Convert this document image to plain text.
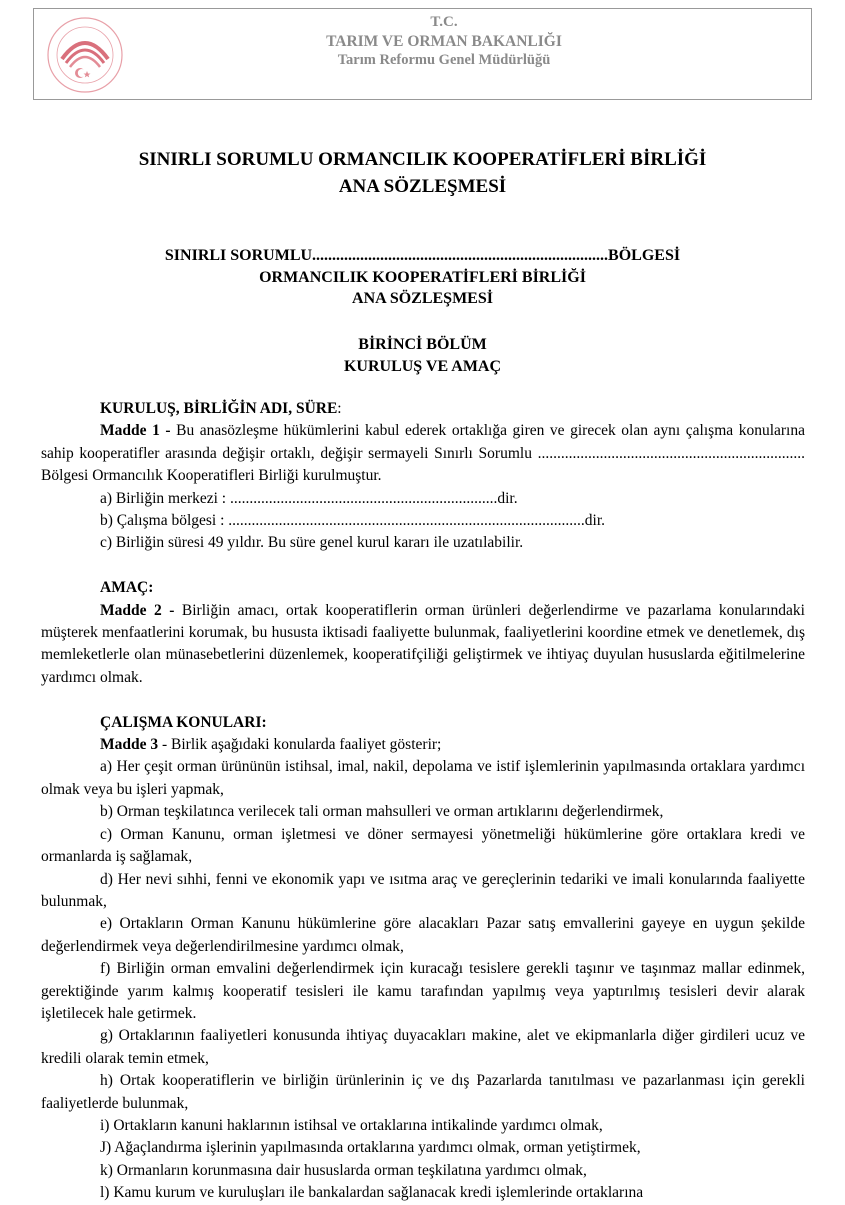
T.C.
TARIM VE ORMAN BAKANLIĞI
Tarım Reformu Genel Müdürlüğü
SINIRLI SORUMLU ORMANCILIK KOOPERATİFLERİ BİRLİĞİ
ANA SÖZLEŞMESİ
SINIRLI SORUMLU..........................................................................BÖLGESİ
ORMANCILIK KOOPERATİFLERİ BİRLİĞİ
ANA SÖZLEŞMESİ
BİRİNCİ BÖLÜM
KURULUŞ VE AMAÇ
KURULUŞ, BİRLİĞİN ADI, SÜRE:

Madde 1 - Bu anasözleşme hükümlerini kabul ederek ortaklığa giren ve girecek olan aynı çalışma konularına sahip kooperatifler arasında değişir ortaklı, değişir sermayeli Sınırlı Sorumlu ..................................................................... Bölgesi Ormancılık Kooperatifleri Birliği kurulmuştur.

a) Birliğin merkezi : .....................................................................dir.
b) Çalışma bölgesi : ............................................................................................dir.
c) Birliğin süresi 49 yıldır. Bu süre genel kurul kararı ile uzatılabilir.
AMAÇ:

Madde 2 - Birliğin amacı, ortak kooperatiflerin orman ürünleri değerlendirme ve pazarlama konularındaki müşterek menfaatlerini korumak, bu hususta iktisadi faaliyette bulunmak, faaliyetlerini koordine etmek ve denetlemek, dış memleketlerle olan münasebetlerini düzenlemek, kooperatifçiliği geliştirmek ve ihtiyaç duyulan hususlarda eğitilmelerine yardımcı olmak.

ÇALIŞMA KONULARI:

Madde 3 - Birlik aşağıdaki konularda faaliyet gösterir;

a) Her çeşit orman ürününün istihsal, imal, nakil, depolama ve istif işlemlerinin yapılmasında ortaklara yardımcı olmak veya bu işleri yapmak,

b) Orman teşkilatınca verilecek tali orman mahsulleri ve orman artıklarını değerlendirmek,

c) Orman Kanunu, orman işletmesi ve döner sermayesi yönetmeliği hükümlerine göre ortaklara kredi ve ormanlarda iş sağlamak,

d) Her nevi sıhhi, fenni ve ekonomik yapı ve ısıtma araç ve gereçlerinin tedariki ve imali konularında faaliyette bulunmak,

e) Ortakların Orman Kanunu hükümlerine göre alacakları Pazar satış emvallerini gayeye en uygun şekilde değerlendirmek veya değerlendirilmesine yardımcı olmak,

f) Birliğin orman emvalini değerlendirmek için kuracağı tesislere gerekli taşınır ve taşınmaz mallar edinmek, gerektiğinde yarım kalmış kooperatif tesisleri ile kamu tarafından yapılmış veya yaptırılmış tesisleri devir alarak işletilecek hale getirmek.

g) Ortaklarının faaliyetleri konusunda ihtiyaç duyacakları makine, alet ve ekipmanlarla diğer girdileri ucuz ve kredili olarak temin etmek,

h) Ortak kooperatiflerin ve birliğin ürünlerinin iç ve dış Pazarlarda tanıtılması ve pazarlanması için gerekli faaliyetlerde bulunmak,

i) Ortakların kanuni haklarının istihsal ve ortaklarına intikalinde yardımcı olmak,

J) Ağaçlandırma işlerinin yapılmasında ortaklarına yardımcı olmak, orman yetiştirmek,

k) Ormanların korunmasına dair hususlarda orman teşkilatına yardımcı olmak,

l) Kamu kurum ve kuruluşları ile bankalardan sağlanacak kredi işlemlerinde ortaklarına
